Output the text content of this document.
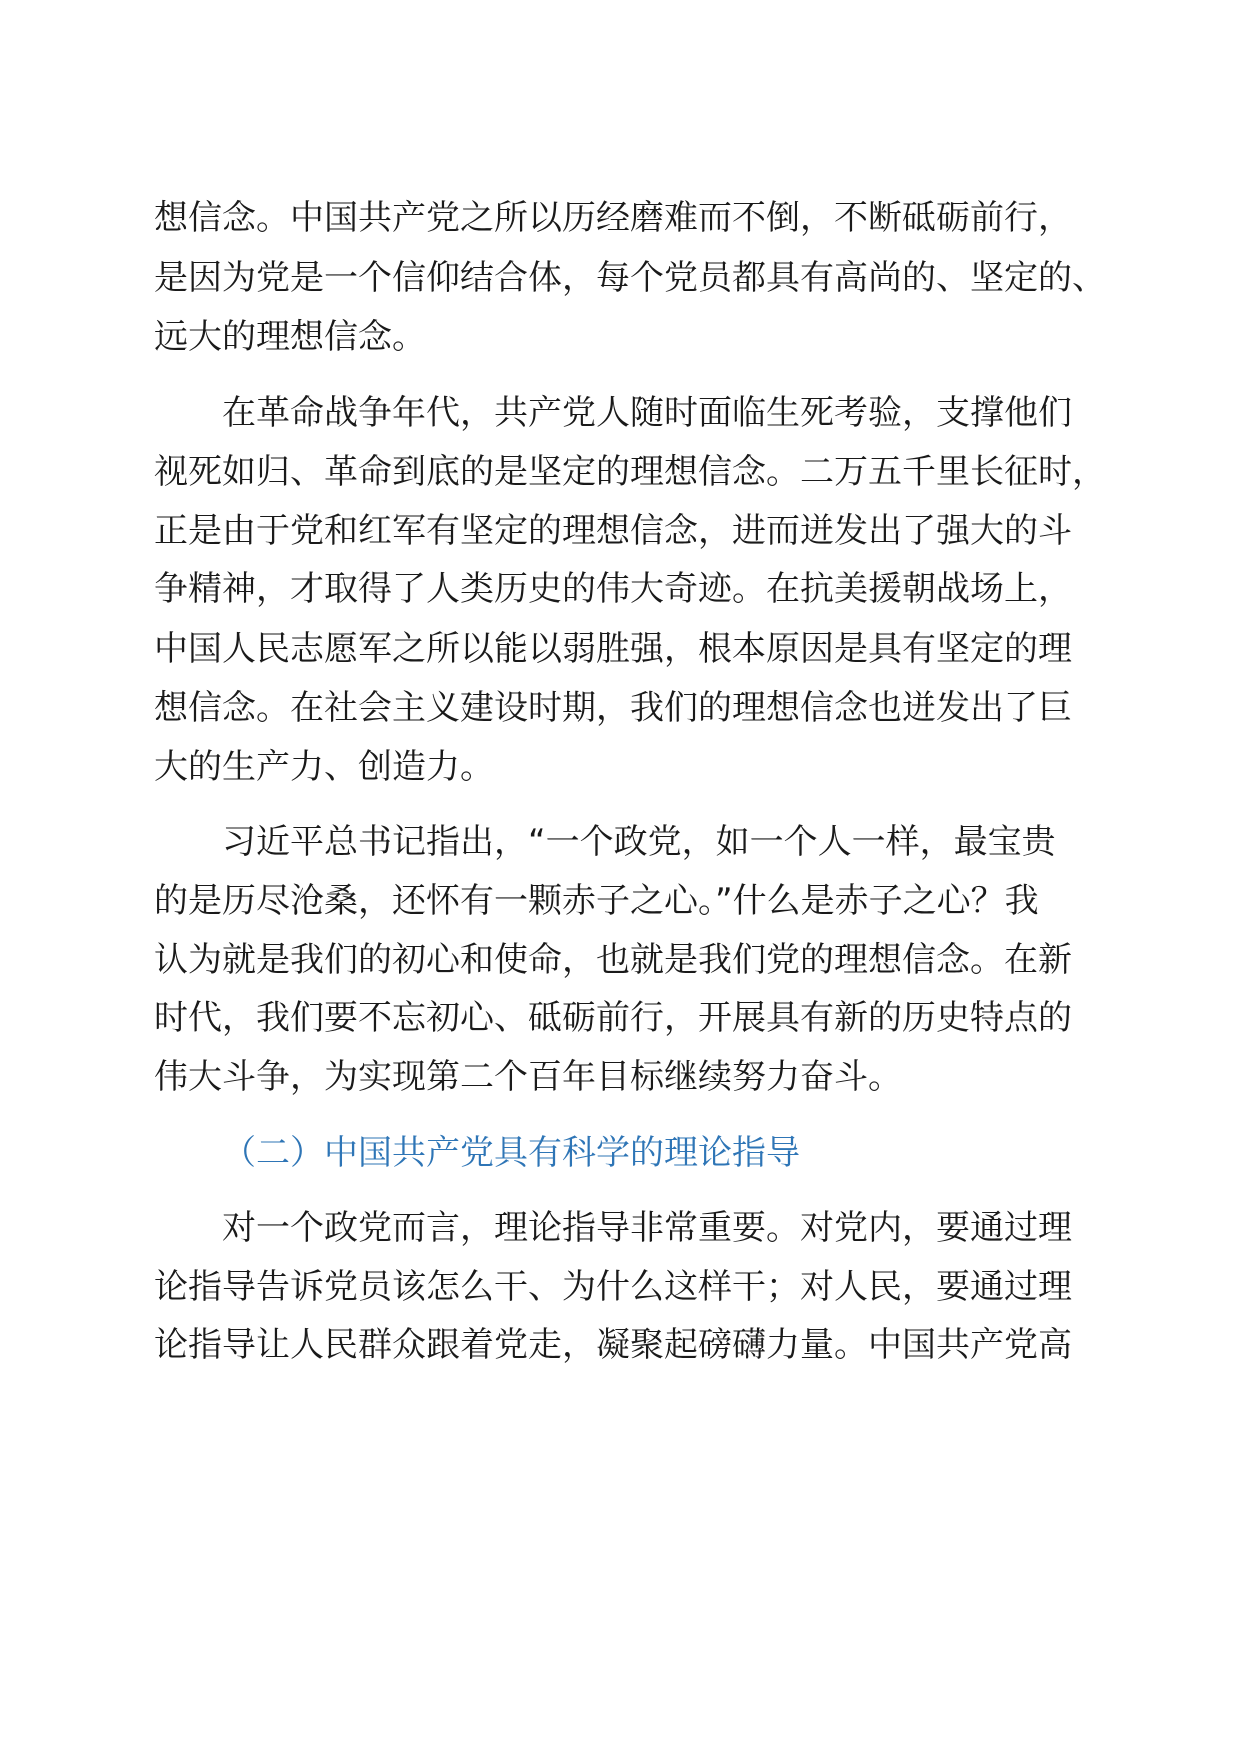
想信念。中国共产党之所以历经磨难而不倒，不断砥砺前行，

是因为党是一个信仰结合体，每个党员都具有高尚的、坚定的、

远大的理想信念。

在革命战争年代，共产党人随时面临生死考验，支撑他们

视死如归、革命到底的是坚定的理想信念。二万五千里长征时，

正是由于党和红军有坚定的理想信念，进而迸发出了强大的斗

争精神，才取得了人类历史的伟大奇迹。在抗美援朝战场上，

中国人民志愿军之所以能以弱胜强，根本原因是具有坚定的理

想信念。在社会主义建设时期，我们的理想信念也迸发出了巨

大的生产力、创造力。

习近平总书记指出，“一个政党，如一个人一样，最宝贵

的是历尽沧桑，还怀有一颗赤子之心。”什么是赤子之心？我

认为就是我们的初心和使命，也就是我们党的理想信念。在新

时代，我们要不忘初心、砥砺前行，开展具有新的历史特点的

伟大斗争，为实现第二个百年目标继续努力奋斗。

（二）中国共产党具有科学的理论指导

对一个政党而言，理论指导非常重要。对党内，要通过理

论指导告诉党员该怎么干、为什么这样干；对人民，要通过理

论指导让人民群众跟着党走，凝聚起磅礴力量。中国共产党高
